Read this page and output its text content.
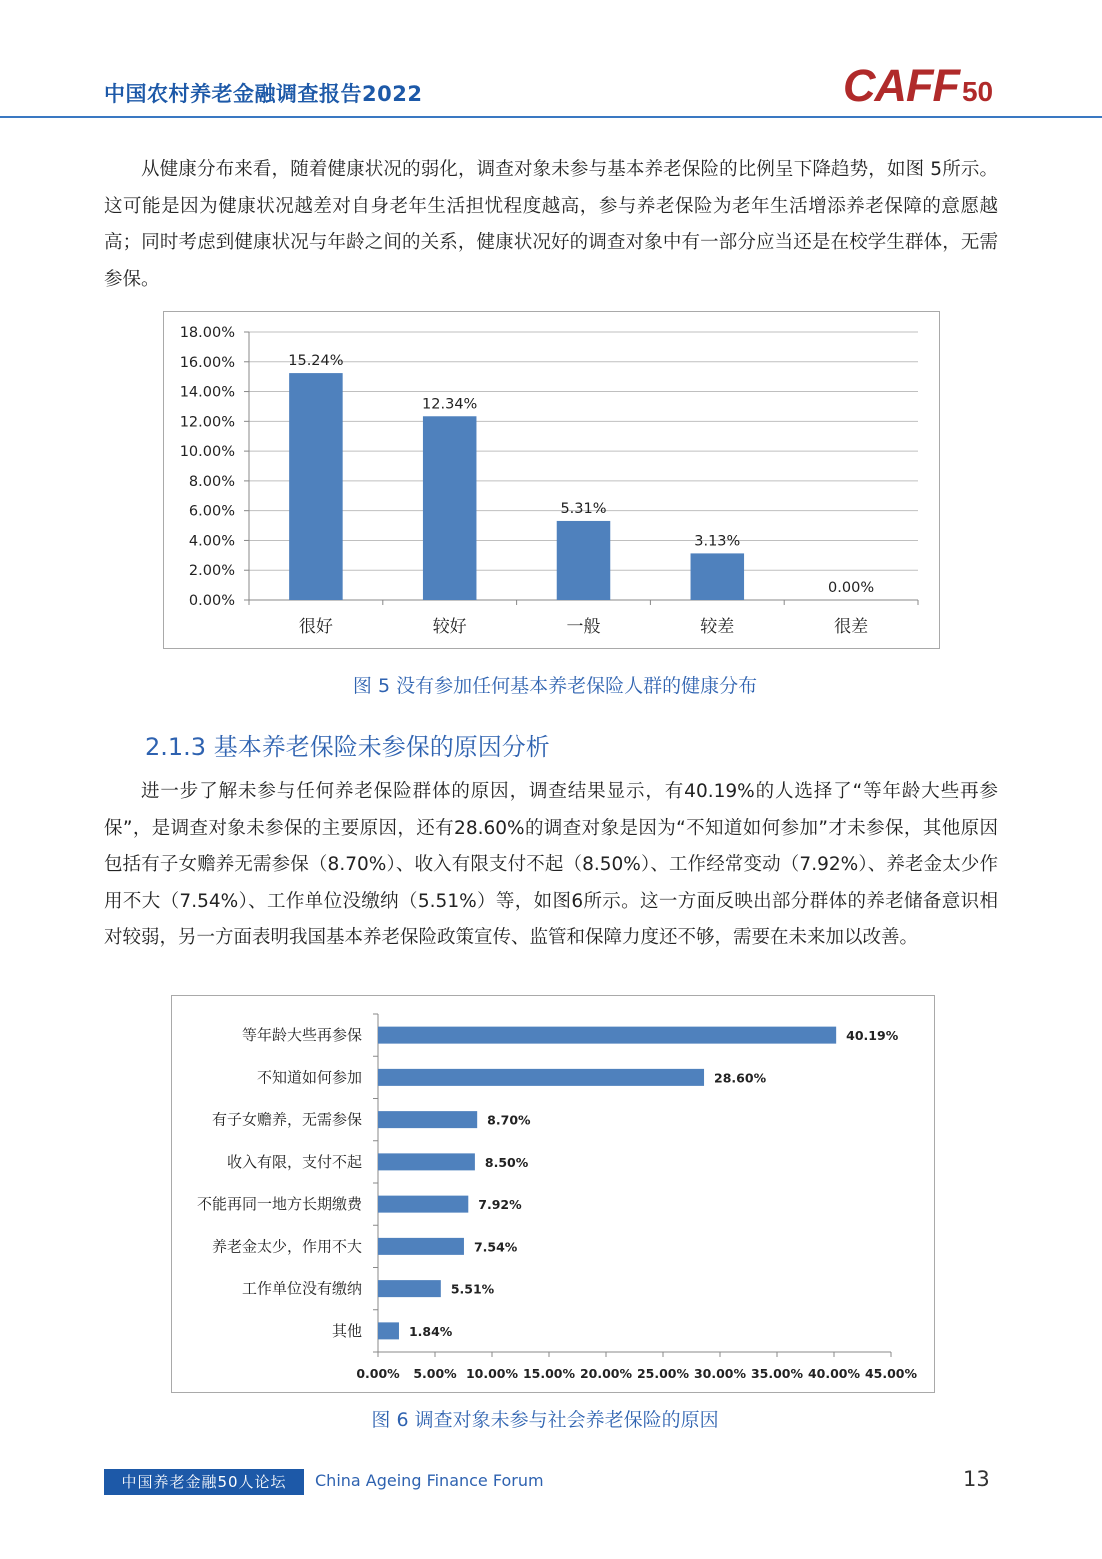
中国农村养老金融调查报告2022	CAFF 50

从健康分布来看，随着健康状况的弱化，调查对象未参与基本养老保险的比例呈下降趋势，如图 5所示。这可能是因为健康状况越差对自身老年生活担忧程度越高，参与养老保险为老年生活增添养老保障的意愿越高；同时考虑到健康状况与年龄之间的关系，健康状况好的调查对象中有一部分应当还是在校学生群体，无需参保。

0.00%
2.00%
4.00%
6.00%
8.00%
10.00%
12.00%
14.00%
16.00%
18.00%
15.24%
很好
12.34%
较好
5.31%
一般
3.13%
较差
0.00%
很差
图 5 没有参加任何基本养老保险人群的健康分布
2.1.3 基本养老保险未参保的原因分析

进一步了解未参与任何养老保险群体的原因，调查结果显示，有40.19%的人选择了“等年龄大些再参保”，是调查对象未参保的主要原因，还有28.60%的调查对象是因为“不知道如何参加”才未参保，其他原因包括有子女赡养无需参保（8.70%）、收入有限支付不起（8.50%）、工作经常变动（7.92%）、养老金太少作用不大（7.54%）、工作单位没缴纳（5.51%）等，如图6所示。这一方面反映出部分群体的养老储备意识相对较弱，另一方面表明我国基本养老保险政策宣传、监管和保障力度还不够，需要在未来加以改善。

0.00% 5.00% 10.00% 15.00% 20.00% 25.00% 30.00% 35.00% 40.00% 45.00%
40.19%
等年龄大些再参保
28.60%
不知道如何参加
8.70%
有子女赡养，无需参保
8.50%
收入有限，支付不起
7.92%
不能再同一地方长期缴费
7.54%
养老金太少，作用不大
5.51%
工作单位没有缴纳
1.84%
其他
图 6 调查对象未参与社会养老保险的原因
中国养老金融50人论坛	China Ageing Finance Forum	13
